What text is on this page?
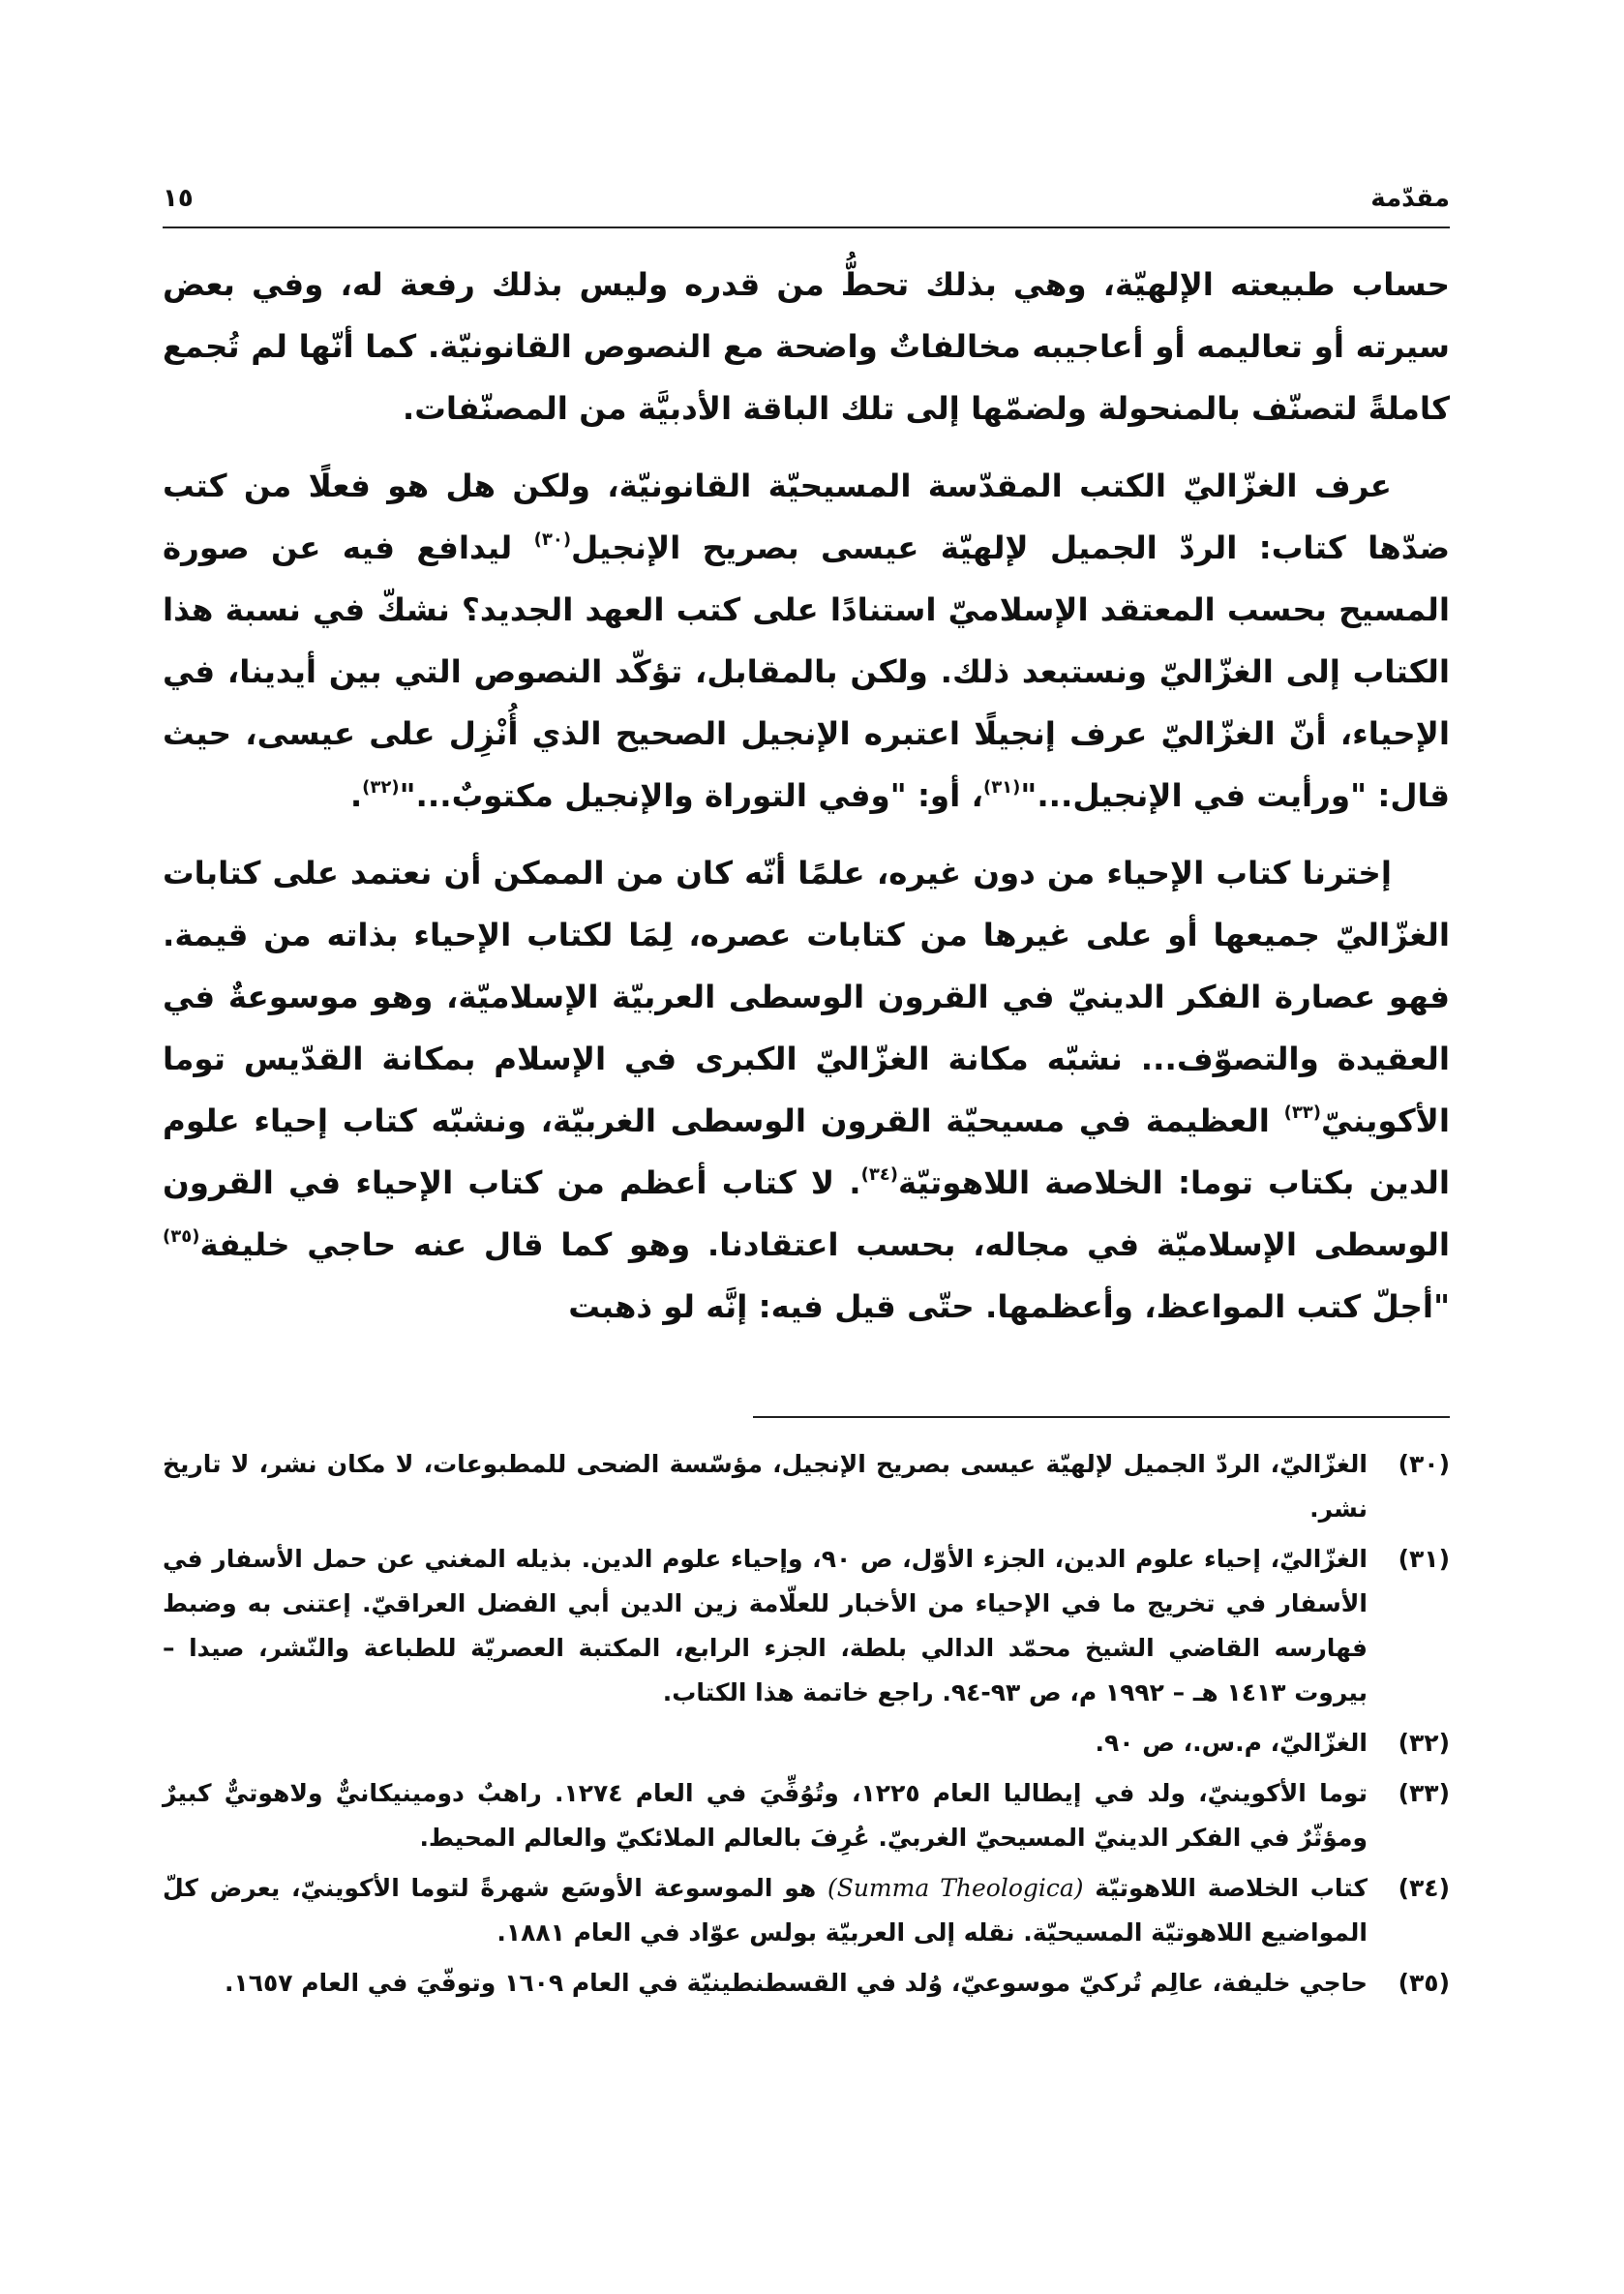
مقدّمة
١٥

حساب طبيعته الإلهيّة، وهي بذلك تحطُّ من قدره وليس بذلك رفعة له، وفي بعض سيرته أو تعاليمه أو أعاجيبه مخالفاتٌ واضحة مع النصوص القانونيّة. كما أنّها لم تُجمع كاملةً لتصنّف بالمنحولة ولضمّها إلى تلك الباقة الأدبيَّة من المصنّفات.

عرف الغزّاليّ الكتب المقدّسة المسيحيّة القانونيّة، ولكن هل هو فعلًا من كتب ضدّها كتاب: الردّ الجميل لإلهيّة عيسى بصريح الإنجيل$^{(٣٠)}$ ليدافع فيه عن صورة المسيح بحسب المعتقد الإسلاميّ استنادًا على كتب العهد الجديد؟ نشكّ في نسبة هذا الكتاب إلى الغزّاليّ ونستبعد ذلك. ولكن بالمقابل، تؤكّد النصوص التي بين أيدينا، في الإحياء، أنّ الغزّاليّ عرف إنجيلًا اعتبره الإنجيل الصحيح الذي أُنْزِل على عيسى، حيث قال: "ورأيت في الإنجيل..."$^{(٣١)}$، أو: "وفي التوراة والإنجيل مكتوبٌ..."$^{(٣٢)}$.

إخترنا كتاب الإحياء من دون غيره، علمًا أنّه كان من الممكن أن نعتمد على كتابات الغزّاليّ جميعها أو على غيرها من كتابات عصره، لِمَا لكتاب الإحياء بذاته من قيمة. فهو عصارة الفكر الدينيّ في القرون الوسطى العربيّة الإسلاميّة، وهو موسوعةٌ في العقيدة والتصوّف... نشبّه مكانة الغزّاليّ الكبرى في الإسلام بمكانة القدّيس توما الأكوينيّ$^{(٣٣)}$ العظيمة في مسيحيّة القرون الوسطى الغربيّة، ونشبّه كتاب إحياء علوم الدين بكتاب توما: الخلاصة اللاهوتيّة$^{(٣٤)}$. لا كتاب أعظم من كتاب الإحياء في القرون الوسطى الإسلاميّة في مجاله، بحسب اعتقادنا. وهو كما قال عنه حاجي خليفة$^{(٣٥)}$ "أجلّ كتب المواعظ، وأعظمها. حتّى قيل فيه: إنَّه لو ذهبت

(٣٠)
الغزّاليّ، الردّ الجميل لإلهيّة عيسى بصريح الإنجيل، مؤسّسة الضحى للمطبوعات، لا مكان نشر، لا تاريخ نشر.
(٣١)
الغزّاليّ، إحياء علوم الدين، الجزء الأوّل، ص ٩٠، وإحياء علوم الدين. بذيله المغني عن حمل الأسفار في الأسفار في تخريج ما في الإحياء من الأخبار للعلّامة زين الدين أبي الفضل العراقيّ. إعتنى به وضبط فهارسه القاضي الشيخ محمّد الدالي بلطة، الجزء الرابع، المكتبة العصريّة للطباعة والنّشر، صيدا – بيروت ١٤١٣ هـ – ١٩٩٢ م، ص ٩٣-٩٤. راجع خاتمة هذا الكتاب.
(٣٢)
الغزّاليّ، م.س.، ص ٩٠.
(٣٣)
توما الأكوينيّ، ولد في إيطاليا العام ١٢٢٥، وتُوُفِّيَ في العام ١٢٧٤. راهبٌ دومينيكانيٌّ ولاهوتيٌّ كبيرٌ ومؤثّرٌ في الفكر الدينيّ المسيحيّ الغربيّ. عُرِفَ بالعالم الملائكيّ والعالم المحيط.
(٣٤)
كتاب الخلاصة اللاهوتيّة (Summa Theologica) هو الموسوعة الأوسَع شهرةً لتوما الأكوينيّ، يعرض كلّ المواضيع اللاهوتيّة المسيحيّة. نقله إلى العربيّة بولس عوّاد في العام ١٨٨١.
(٣٥)
حاجي خليفة، عالِم تُركيّ موسوعيّ، وُلد في القسطنطينيّة في العام ١٦٠٩ وتوفّيَ في العام ١٦٥٧.
